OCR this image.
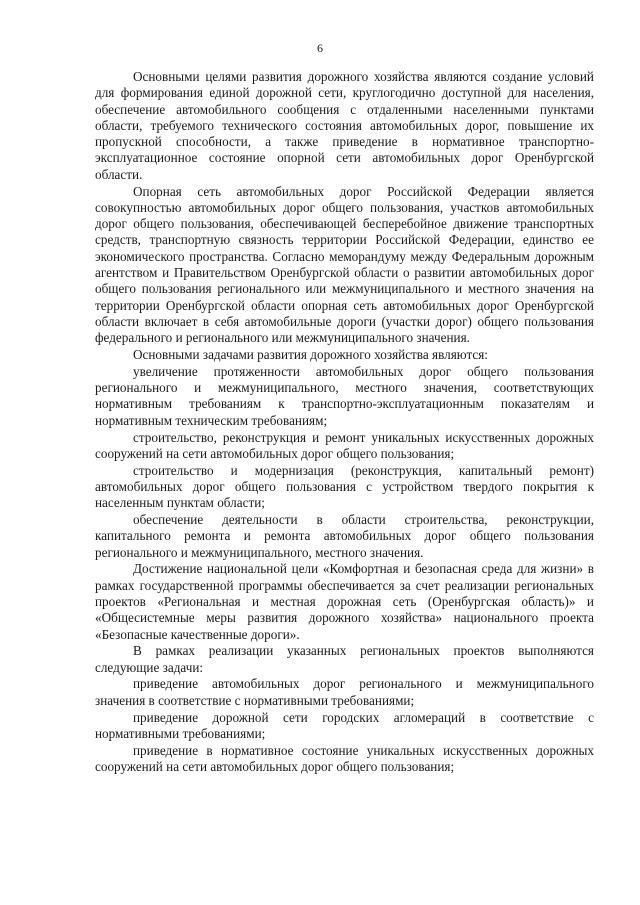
6

Основными целями развития дорожного хозяйства являются создание условий для формирования единой дорожной сети, круглогодично доступной для населения, обеспечение автомобильного сообщения с отдаленными населенными пунктами области, требуемого технического состояния автомобильных дорог, повышение их пропускной способности, а также приведение в нормативное транспортно-эксплуатационное состояние опорной сети автомобильных дорог Оренбургской области.

Опорная сеть автомобильных дорог Российской Федерации является совокупностью автомобильных дорог общего пользования, участков автомобильных дорог общего пользования, обеспечивающей бесперебойное движение транспортных средств, транспортную связность территории Российской Федерации, единство ее экономического пространства. Согласно меморандуму между Федеральным дорожным агентством и Правительством Оренбургской области о развитии автомобильных дорог общего пользования регионального или межмуниципального и местного значения на территории Оренбургской области опорная сеть автомобильных дорог Оренбургской области включает в себя автомобильные дороги (участки дорог) общего пользования федерального и регионального или межмуниципального значения.

Основными задачами развития дорожного хозяйства являются:

увеличение протяженности автомобильных дорог общего пользования регионального и межмуниципального, местного значения, соответствующих нормативным требованиям к транспортно-эксплуатационным показателям и нормативным техническим требованиям;

строительство, реконструкция и ремонт уникальных искусственных дорожных сооружений на сети автомобильных дорог общего пользования;

строительство и модернизация (реконструкция, капитальный ремонт) автомобильных дорог общего пользования с устройством твердого покрытия к населенным пунктам области;

обеспечение деятельности в области строительства, реконструкции, капитального ремонта и ремонта автомобильных дорог общего пользования регионального и межмуниципального, местного значения.

Достижение национальной цели «Комфортная и безопасная среда для жизни» в рамках государственной программы обеспечивается за счет реализации региональных проектов «Региональная и местная дорожная сеть (Оренбургская область)» и «Общесистемные меры развития дорожного хозяйства» национального проекта «Безопасные качественные дороги».

В рамках реализации указанных региональных проектов выполняются следующие задачи:

приведение автомобильных дорог регионального и межмуниципального значения в соответствие с нормативными требованиями;

приведение дорожной сети городских агломераций в соответствие с нормативными требованиями;

приведение в нормативное состояние уникальных искусственных дорожных сооружений на сети автомобильных дорог общего пользования;
